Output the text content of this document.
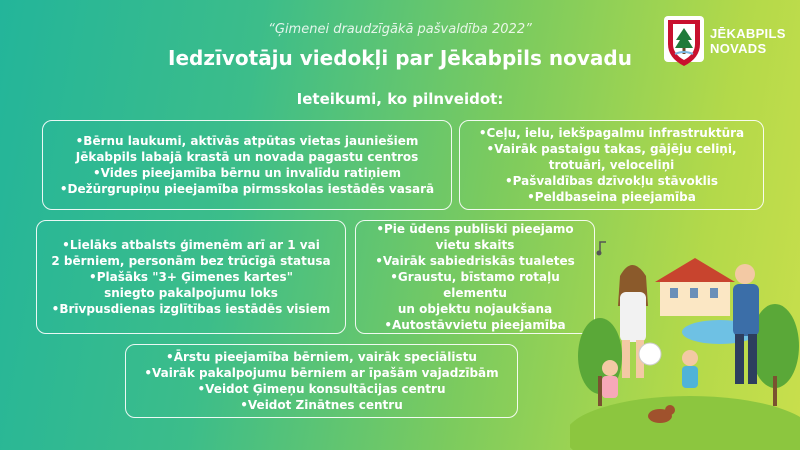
“Ģimenei draudzīgākā pašvaldība 2022”
Iedzīvotāju viedokļi par Jēkabpils novadu
Ieteikumi, ko pilnveidot:
JĒKABPILS
NOVADS
•Bērnu laukumi, aktīvās atpūtas vietas jauniešiem
Jēkabpils labajā krastā un novada pagastu centros
•Vides pieejamība bērnu un invalīdu ratiņiem
•Dežūrgrupiņu pieejamība pirmsskolas iestādēs vasarā
•Ceļu, ielu, iekšpagalmu infrastruktūra
•Vairāk pastaigu takas, gājēju celiņi,
trotuāri, veloceliņi
•Pašvaldības dzīvokļu stāvoklis
•Peldbaseina pieejamība
•Lielāks atbalsts ģimenēm arī ar 1 vai
2 bērniem, personām bez trūcīgā statusa
•Plašāks "3+ Ģimenes kartes"
sniegto pakalpojumu loks
•Brīvpusdienas izglītības iestādēs visiem
•Pie ūdens publiski pieejamo
vietu skaits
•Vairāk sabiedriskās tualetes
•Graustu, bīstamo rotaļu elementu
un objektu nojaukšana
•Autostāvvietu pieejamība
•Ārstu pieejamība bērniem, vairāk speciālistu
•Vairāk pakalpojumu bērniem ar īpašām vajadzībām
•Veidot Ģimeņu konsultācijas centru
•Veidot Zinātnes centru
